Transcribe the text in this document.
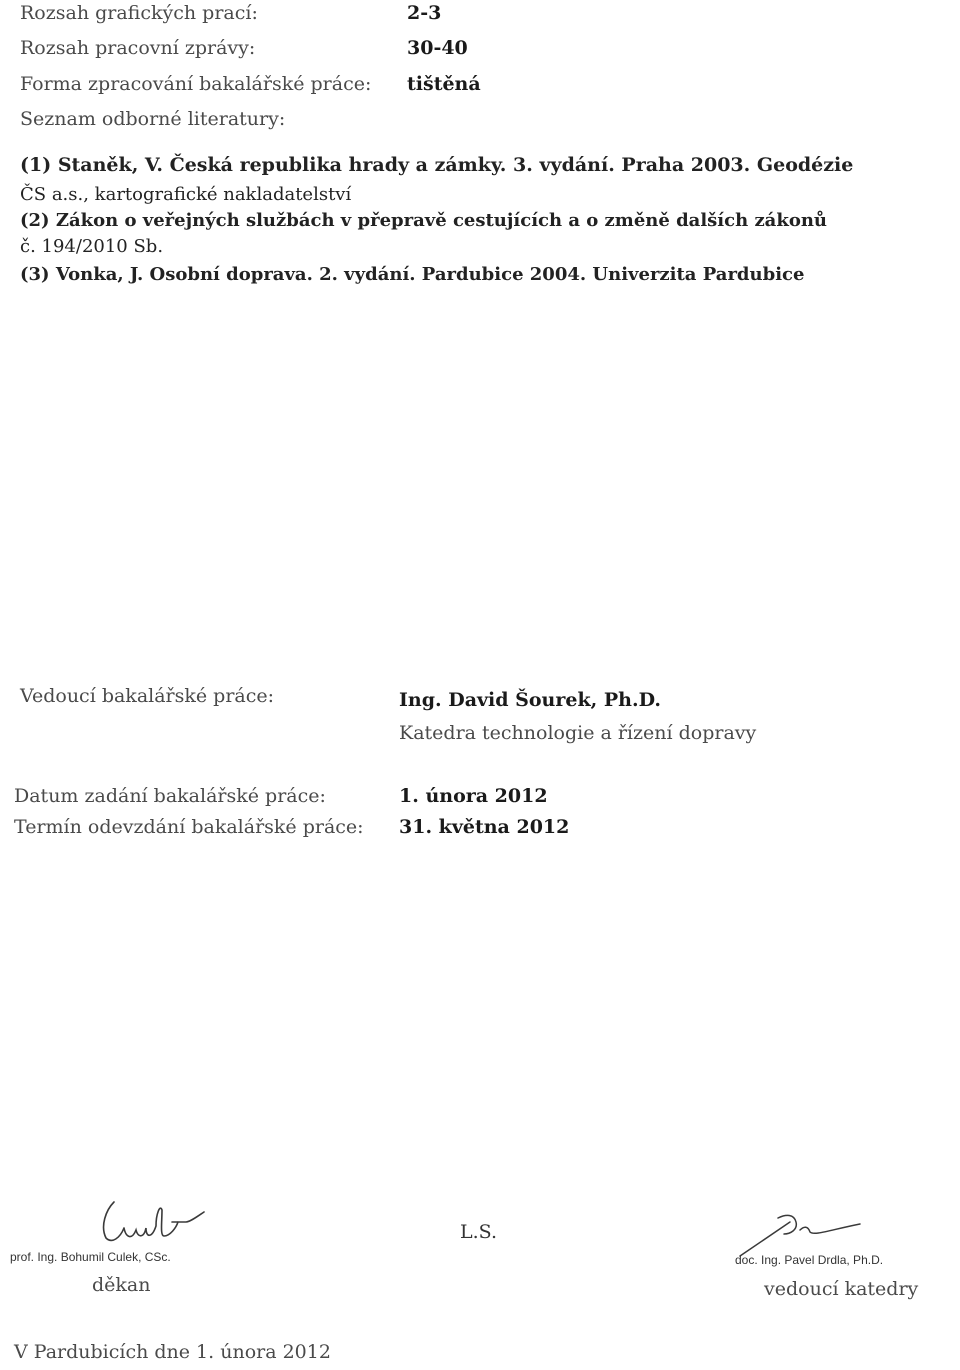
Rozsah grafických prací:	2-3
Rozsah pracovní zprávy:	30-40
Forma zpracování bakalářské práce: tištěná
Seznam odborné literatury:
(1) Staněk, V. Česká republika hrady a zámky. 3. vydání. Praha 2003. Geodézie
ČS a.s., kartografické nakladatelství
(2) Zákon o veřejných službách v přepravě cestujících a o změně dalších zákonů
č. 194/2010 Sb.
(3) Vonka, J. Osobní doprava. 2. vydání. Pardubice 2004. Univerzita Pardubice
Vedoucí bakalářské práce:	Ing. David Šourek, Ph.D.
Katedra technologie a řízení dopravy
Datum zadání bakalářské práce:	1. února 2012
Termín odevzdání bakalářské práce: 31. května 2012
prof. Ing. Bohumil Culek, CSc.
děkan
L.S.
doc. Ing. Pavel Drdla, Ph.D.
vedoucí katedry
V Pardubicích dne 1. února 2012
